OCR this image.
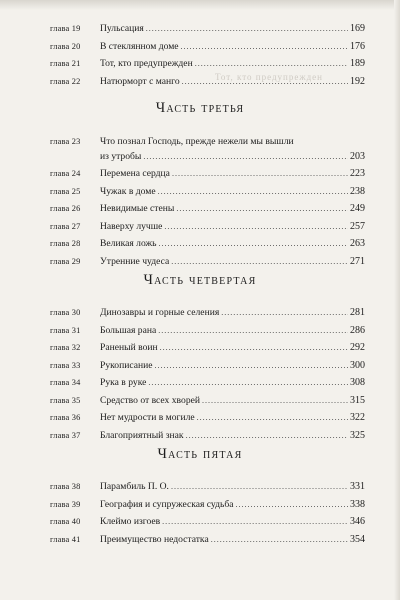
Тот, кто предупрежден
глава 19 Пульсация .....	169
глава 20 В стеклянном доме .....	176
глава 21 Тот, кто предупрежден .....	189
глава 22 Натюрморт с манго .....	192
Часть третья
глава 23 Что познал Господь, прежде нежели мы вышли
из утробы .....	203
глава 24 Перемена сердца .....	223
глава 25 Чужак в доме .....	238
глава 26 Невидимые стены .....	249
глава 27 Наверху лучше .....	257
глава 28 Великая ложь .....	263
глава 29 Утренние чудеса .....	271
Часть четвертая
глава 30 Динозавры и горные селения .....	281
глава 31 Большая рана .....	286
глава 32 Раненый воин .....	292
глава 33 Рукописание .....	300
глава 34 Рука в руке .....	308
глава 35 Средство от всех хворей .....	315
глава 36 Нет мудрости в могиле .....	322
глава 37 Благоприятный знак .....	325
Часть пятая
глава 38 Парамбиль П. О. .....	331
глава 39 География и супружеская судьба .....	338
глава 40 Клеймо изгоев .....	346
глава 41 Преимущество недостатка .....	354
